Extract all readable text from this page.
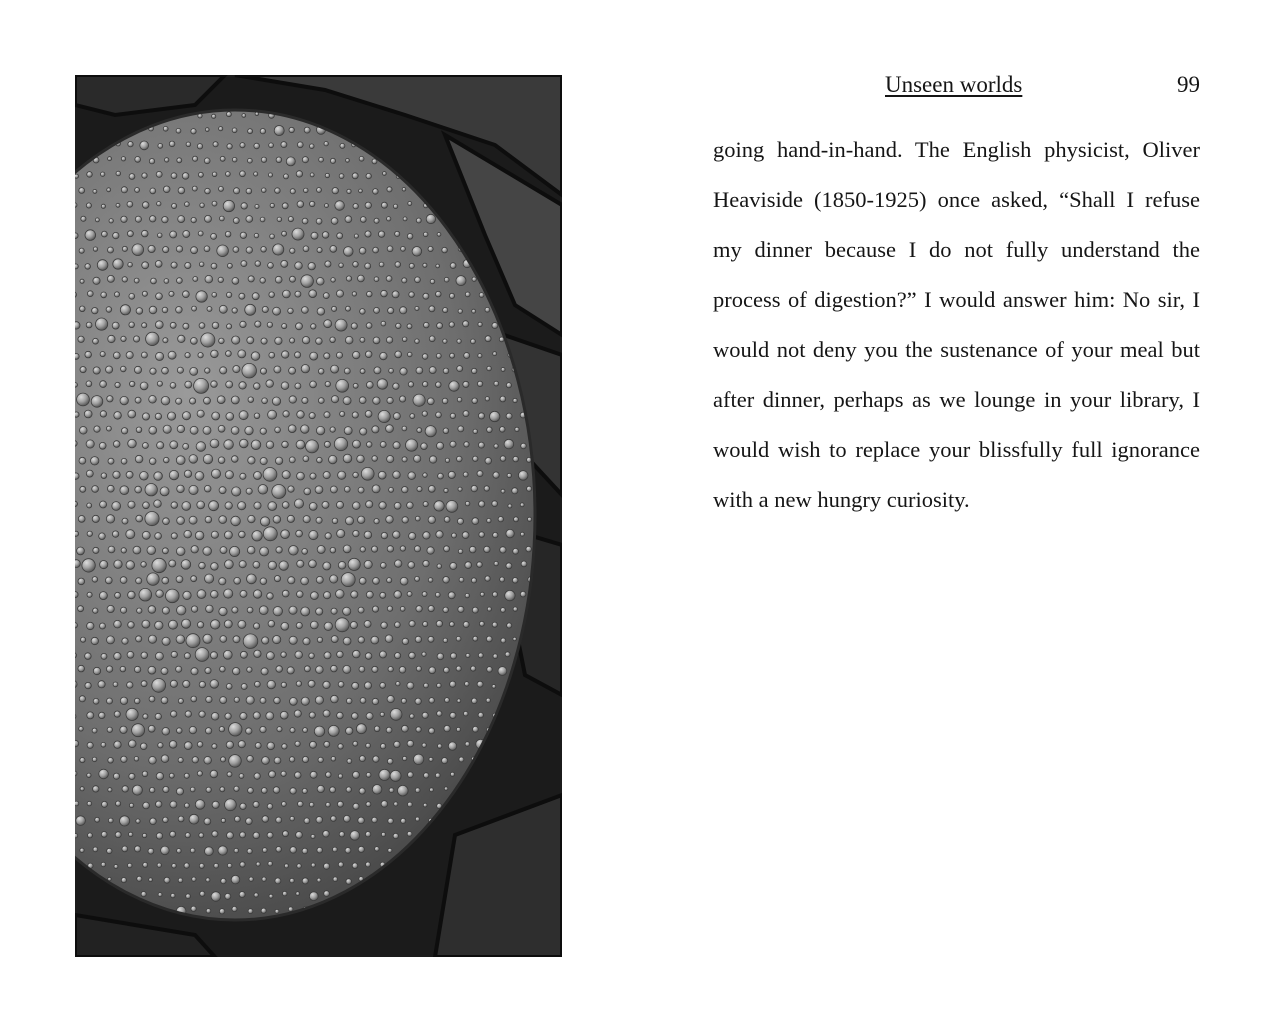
Unseen worlds	99

going hand-in-hand. The English physicist, Oliver Heaviside (1850-1925) once asked, “Shall I refuse my dinner because I do not fully understand the process of digestion?” I would answer him: No sir, I would not deny you the sustenance of your meal but after dinner, perhaps as we lounge in your library, I would wish to replace your blissfully full ignorance with a new hungry curiosity.
